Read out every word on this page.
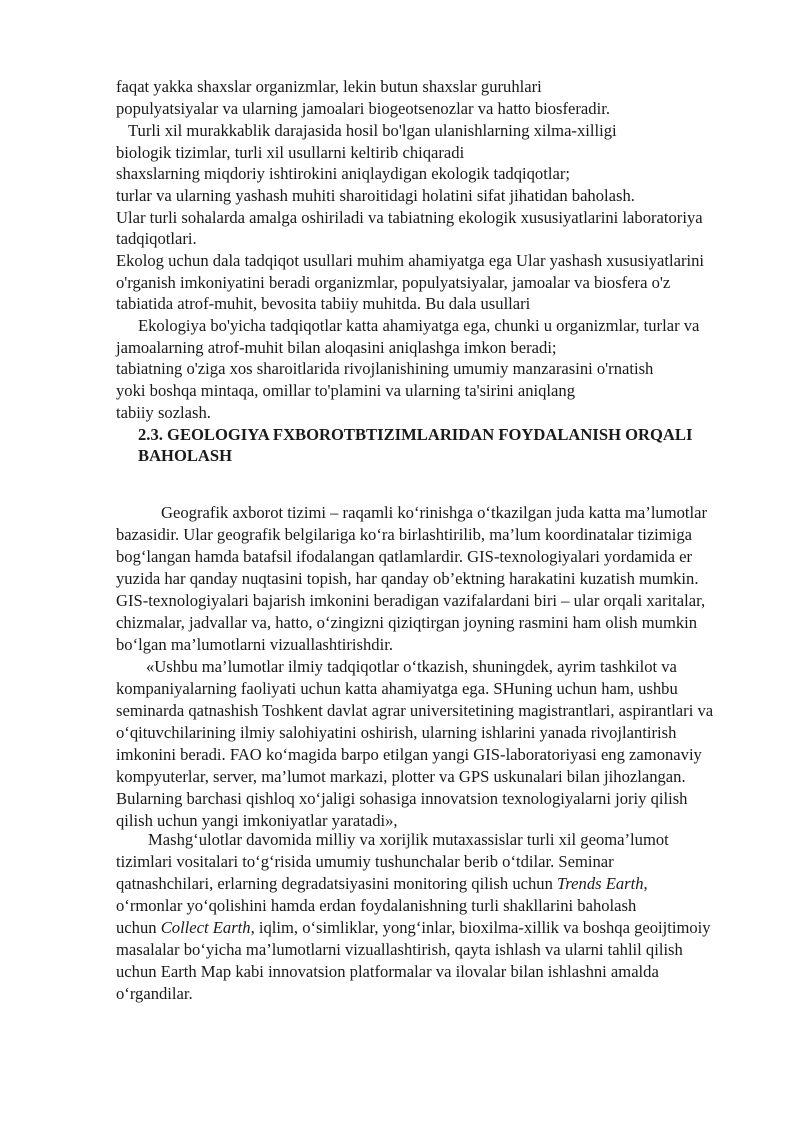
faqat yakka shaxslar organizmlar, lekin butun shaxslar guruhlari
populyatsiyalar va ularning jamoalari biogeotsenozlar va hatto biosferadir.
Turli xil murakkablik darajasida hosil bo'lgan ulanishlarning xilma-xilligi
biologik tizimlar, turli xil usullarni keltirib chiqaradi
shaxslarning miqdoriy ishtirokini aniqlaydigan ekologik tadqiqotlar;
turlar va ularning yashash muhiti sharoitidagi holatini sifat jihatidan baholash.
Ular turli sohalarda amalga oshiriladi va tabiatning ekologik xususiyatlarini laboratoriya
tadqiqotlari.
Ekolog uchun dala tadqiqot usullari muhim ahamiyatga ega Ular yashash xususiyatlarini
o'rganish imkoniyatini beradi organizmlar, populyatsiyalar, jamoalar va biosfera o'z
tabiatida atrof-muhit, bevosita tabiiy muhitda. Bu dala usullari
Ekologiya bo'yicha tadqiqotlar katta ahamiyatga ega, chunki u organizmlar, turlar va
jamoalarning atrof-muhit bilan aloqasini aniqlashga imkon beradi;
tabiatning o'ziga xos sharoitlarida rivojlanishining umumiy manzarasini o'rnatish
yoki boshqa mintaqa, omillar to'plamini va ularning ta'sirini aniqlang
tabiiy sozlash.
2.3. GEOLOGIYA FXBOROTBTIZIMLARIDAN FOYDALANISH ORQALI
BAHOLASH
Geografik axborot tizimi – raqamli ko‘rinishga o‘tkazilgan juda katta ma’lumotlar
bazasidir. Ular geografik belgilariga ko‘ra birlashtirilib, ma’lum koordinatalar tizimiga
bog‘langan hamda batafsil ifodalangan qatlamlardir. GIS-texnologiyalari yordamida er
yuzida har qanday nuqtasini topish, har qanday ob’ektning harakatini kuzatish mumkin.
GIS-texnologiyalari bajarish imkonini beradigan vazifalardani biri – ular orqali xaritalar,
chizmalar, jadvallar va, hatto, o‘zingizni qiziqtirgan joyning rasmini ham olish mumkin
bo‘lgan ma’lumotlarni vizuallashtirishdir.
«Ushbu ma’lumotlar ilmiy tadqiqotlar o‘tkazish, shuningdek, ayrim tashkilot va
kompaniyalarning faoliyati uchun katta ahamiyatga ega. SHuning uchun ham, ushbu
seminarda qatnashish Toshkent davlat agrar universitetining magistrantlari, aspirantlari va
o‘qituvchilarining ilmiy salohiyatini oshirish, ularning ishlarini yanada rivojlantirish
imkonini beradi. FAO ko‘magida barpo etilgan yangi GIS-laboratoriyasi eng zamonaviy
kompyuterlar, server, ma’lumot markazi, plotter va GPS uskunalari bilan jihozlangan.
Bularning barchasi qishloq xo‘jaligi sohasiga innovatsion texnologiyalarni joriy qilish
qilish uchun yangi imkoniyatlar yaratadi»,
Mashg‘ulotlar davomida milliy va xorijlik mutaxassislar turli xil geoma’lumot
tizimlari vositalari to‘g‘risida umumiy tushunchalar berib o‘tdilar. Seminar
qatnashchilari, erlarning degradatsiyasini monitoring qilish uchun Trends Earth,
o‘rmonlar yo‘qolishini hamda erdan foydalanishning turli shakllarini baholash
uchun Collect Earth, iqlim, o‘simliklar, yong‘inlar, bioxilma-xillik va boshqa geoijtimoiy
masalalar bo‘yicha ma’lumotlarni vizuallashtirish, qayta ishlash va ularni tahlil qilish
uchun Earth Map kabi innovatsion platformalar va ilovalar bilan ishlashni amalda
o‘rgandilar.
